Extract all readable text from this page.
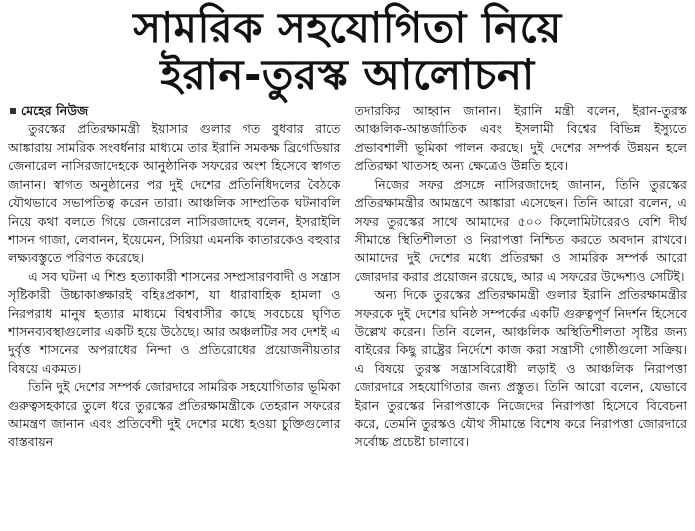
সামরিক সহযোগিতা নিয়ে
ইরান-তুরস্ক আলোচনা

মেহের নিউজ

তুরস্কের প্রতিরক্ষামন্ত্রী ইয়াসার গুলার গত বুধবার রাতে আঙ্কারায় সামরিক সংবর্ধনার মাধ্যমে তার ইরানি সমকক্ষ ব্রিগেডিয়ার জেনারেল নাসিরজাদেহকে আনুষ্ঠানিক সফরের অংশ হিসেবে স্বাগত জানান। স্বাগত অনুষ্ঠানের পর দুই দেশের প্রতিনিধিদলের বৈঠকে যৌথভাবে সভাপতিত্ব করেন তারা। আঞ্চলিক সাম্প্রতিক ঘটনাবলি নিয়ে কথা বলতে গিয়ে জেনারেল নাসিরজাদেহ বলেন, ইসরাইলি শাসন গাজা, লেবানন, ইয়েমেন, সিরিয়া এমনকি কাতারকেও বহুবার লক্ষ্যবস্তুতে পরিণত করেছে।

এ সব ঘটনা এ শিশু হত্যাকারী শাসনের সম্প্রসারণবাদী ও সন্ত্রাস সৃষ্টিকারী উচ্চাকাঙ্ক্ষারই বহিঃপ্রকাশ, যা ধারাবাহিক হামলা ও নিরপরাধ মানুষ হত্যার মাধ্যমে বিশ্ববাসীর কাছে সবচেয়ে ঘৃণিত শাসনব্যবস্থাগুলোর একটি হয়ে উঠেছে। আর অঞ্চলটির সব দেশই এ দুর্বৃত্ত শাসনের অপরাধের নিন্দা ও প্রতিরোধের প্রয়োজনীয়তার বিষয়ে একমত।

তিনি দুই দেশের সম্পর্ক জোরদারে সামরিক সহযোগিতার ভূমিকা গুরুত্বসহকারে তুলে ধরে তুরস্কের প্রতিরক্ষামন্ত্রীকে তেহরান সফরের আমন্ত্রণ জানান এবং প্রতিবেশী দুই দেশের মধ্যে হওয়া চুক্তিগুলোর বাস্তবায়ন

তদারকির আহ্বান জানান। ইরানি মন্ত্রী বলেন, ইরান-তুরস্ক আঞ্চলিক-আন্তর্জাতিক এবং ইসলামী বিশ্বের বিভিন্ন ইস্যুতে প্রভাবশালী ভূমিকা পালন করছে। দুই দেশের সম্পর্ক উন্নয়ন হলে প্রতিরক্ষা খাতসহ অন্য ক্ষেত্রেও উন্নতি হবে।

নিজের সফর প্রসঙ্গে নাসিরজাদেহ জানান, তিনি তুরস্কের প্রতিরক্ষামন্ত্রীর আমন্ত্রণে আঙ্কারা এসেছেন। তিনি আরো বলেন, এ সফর তুরস্কের সাথে আমাদের ৫০০ কিলোমিটারেরও বেশি দীর্ঘ সীমান্তে স্থিতিশীলতা ও নিরাপত্তা নিশ্চিত করতে অবদান রাখবে। আমাদের দুই দেশের মধ্যে প্রতিরক্ষা ও সামরিক সম্পর্ক আরো জোরদার করার প্রয়োজন রয়েছে, আর এ সফরের উদ্দেশ্যও সেটিই।

অন্য দিকে তুরস্কের প্রতিরক্ষামন্ত্রী গুলার ইরানি প্রতিরক্ষামন্ত্রীর সফরকে দুই দেশের ঘনিষ্ঠ সম্পর্কের একটি গুরুত্বপূর্ণ নিদর্শন হিসেবে উল্লেখ করেন। তিনি বলেন, আঞ্চলিক অস্থিতিশীলতা সৃষ্টির জন্য বাইরের কিছু রাষ্ট্রের নির্দেশে কাজ করা সন্ত্রাসী গোষ্ঠীগুলো সক্রিয়। এ বিষয়ে তুরস্ক সন্ত্রাসবিরোধী লড়াই ও আঞ্চলিক নিরাপত্তা জোরদারে সহযোগিতার জন্য প্রস্তুত। তিনি আরো বলেন, যেভাবে ইরান তুরস্কের নিরাপত্তাকে নিজেদের নিরাপত্তা হিসেবে বিবেচনা করে, তেমনি তুরস্কও যৌথ সীমান্তে বিশেষ করে নিরাপত্তা জোরদারে সর্বোচ্চ প্রচেষ্টা চালাবে।
